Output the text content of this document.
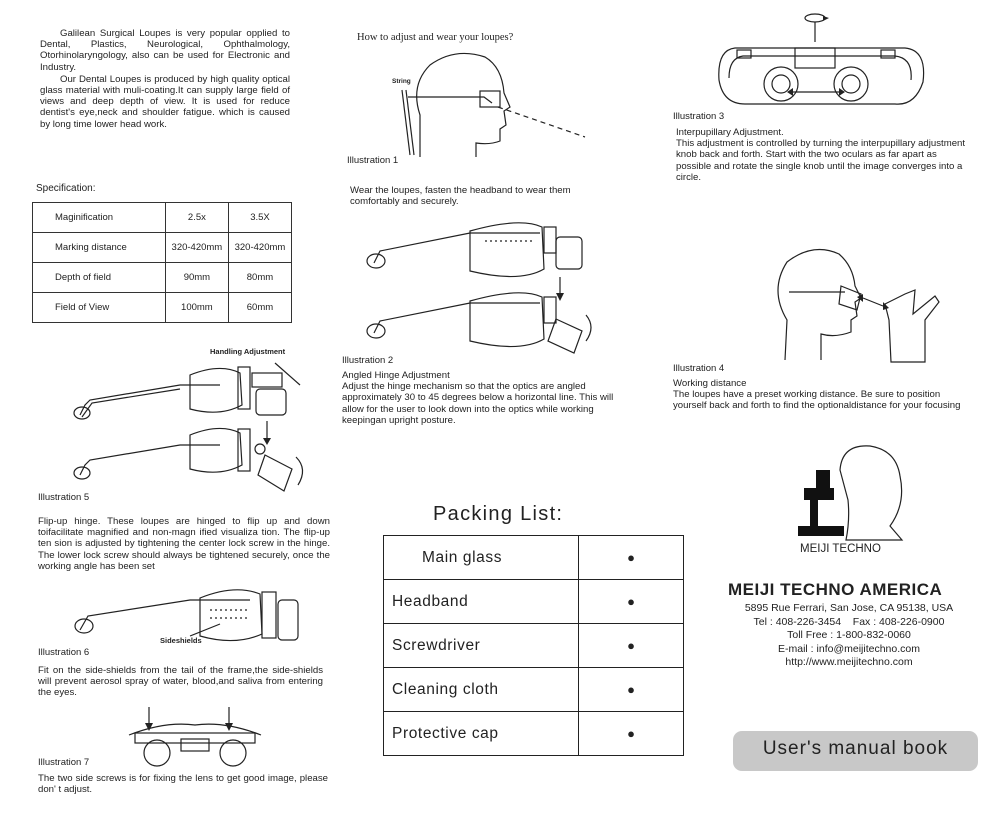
Galilean Surgical Loupes is very popular opplied to Dental, Plastics, Neurological, Ophthalmology, Otorhinolaryngology, also can be used for Electronic and Industry.
Our Dental Loupes is produced by high quality optical glass material with muli-coating.It can supply large field of views and deep depth of view. It is used for reduce dentist's eye,neck and shoulder fatigue. which is caused by long time lower head work.
Specification:
Maginification	2.5x	3.5X
Marking distance	320-420mm	320-420mm
Depth of field	90mm	80mm
Field of View	100mm	60mm
Handling Adjustment
Illustration 5
Flip-up hinge. These loupes are hinged to flip up and down toifacilitate magnified and non-magn ified visualiza tion. The flip-up ten sion is adjusted by tightening the center lock screw in the hinge. The lower lock screw should always be tightened securely, once the working angle has been set
Sideshields
Illustration 6
Fit on the side-shields from the tail of the frame,the side-shields will prevent aerosol spray of water, blood,and saliva from entering the eyes.
Illustration 7
The two side screws is for fixing the lens to get good image, please don' t adjust.
How to adjust and wear your loupes?
String
Illustration 1
Wear the loupes, fasten the headband to wear them comfortably and securely.
Illustration 2
Angled Hinge Adjustment
Adjust the hinge mechanism so that the optics are angled approximately 30 to 45 degrees below a horizontal line. This will allow for the user to look down into the optics while working keepingan upright posture.
Packing List:
Main glass	●
Headband	●
Screwdriver	●
Cleaning cloth	●
Protective cap	●
Illustration 3
Interpupillary Adjustment.
This adjustment is controlled by turning the interpupillary adjustment knob back and forth. Start with the two oculars as far apart as possible and rotate the single knob until the image converges into a circle.
Illustration 4
Working distance
The loupes have a preset working distance. Be sure to position yourself back and forth to find the optionaldistance for your focusing
MEIJI TECHNO
MEIJI TECHNO AMERICA
5895 Rue Ferrari, San Jose, CA 95138, USA
Tel : 408-226-3454 Fax : 408-226-0900
Toll Free : 1-800-832-0060
E-mail : info@meijitechno.com
http://www.meijitechno.com
User's manual book
